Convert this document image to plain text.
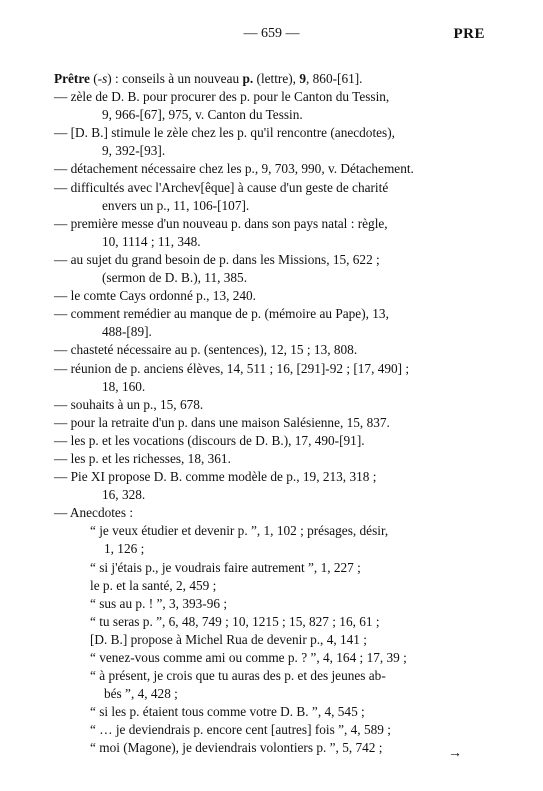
— 659 —	PRE
Prêtre (-s) : conseils à un nouveau p. (lettre), 9, 860-[61].
— zèle de D. B. pour procurer des p. pour le Canton du Tessin,
9, 966-[67], 975, v. Canton du Tessin.
— [D. B.] stimule le zèle chez les p. qu'il rencontre (anecdotes),
9, 392-[93].
— détachement nécessaire chez les p., 9, 703, 990, v. Détachement.
— difficultés avec l'Archev[êque] à cause d'un geste de charité
envers un p., 11, 106-[107].
— première messe d'un nouveau p. dans son pays natal : règle,
10, 1114 ; 11, 348.
— au sujet du grand besoin de p. dans les Missions, 15, 622 ;
(sermon de D. B.), 11, 385.
— le comte Cays ordonné p., 13, 240.
— comment remédier au manque de p. (mémoire au Pape), 13,
488-[89].
— chasteté nécessaire au p. (sentences), 12, 15 ; 13, 808.
— réunion de p. anciens élèves, 14, 511 ; 16, [291]-92 ; [17, 490] ;
18, 160.
— souhaits à un p., 15, 678.
— pour la retraite d'un p. dans une maison Salésienne, 15, 837.
— les p. et les vocations (discours de D. B.), 17, 490-[91].
— les p. et les richesses, 18, 361.
— Pie XI propose D. B. comme modèle de p., 19, 213, 318 ;
16, 328.
— Anecdotes :
“ je veux étudier et devenir p. ”, 1, 102 ; présages, désir,
1, 126 ;
“ si j'étais p., je voudrais faire autrement ”, 1, 227 ;
le p. et la santé, 2, 459 ;
“ sus au p. ! ”, 3, 393-96 ;
“ tu seras p. ”, 6, 48, 749 ; 10, 1215 ; 15, 827 ; 16, 61 ;
[D. B.] propose à Michel Rua de devenir p., 4, 141 ;
“ venez-vous comme ami ou comme p. ? ”, 4, 164 ; 17, 39 ;
“ à présent, je crois que tu auras des p. et des jeunes ab-
bés ”, 4, 428 ;
“ si les p. étaient tous comme votre D. B. ”, 4, 545 ;
“ … je deviendrais p. encore cent [autres] fois ”, 4, 589 ;
“ moi (Magone), je deviendrais volontiers p. ”, 5, 742 ;	→
